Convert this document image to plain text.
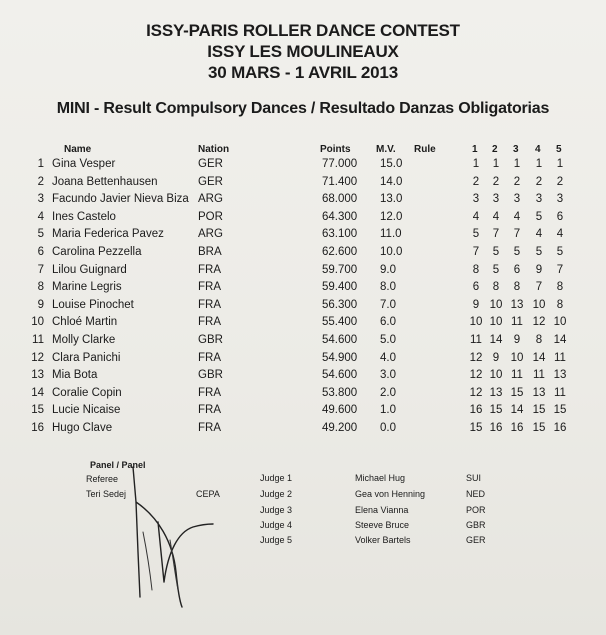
ISSY-PARIS ROLLER DANCE CONTEST
ISSY LES MOULINEAUX
30 MARS - 1 AVRIL 2013
MINI - Result Compulsory Dances / Resultado Danzas Obligatorias
Name	Nation	Points	M.V. Rule	1 2 3 4 5
1 Gina Vesper	GER	77.000 15.0	1	1	1	1	1
2 Joana Bettenhausen	GER	71.400 14.0	2	2	2	2	2
3 Facundo Javier Nieva Biza ARG	68.000 13.0	3	3	3	3	3
4 Ines Castelo	POR	64.300 12.0	4	4	4	5	6
5 Maria Federica Pavez	ARG	63.100 11.0	5	7	7	4	4
6 Carolina Pezzella	BRA	62.600 10.0	7	5	5	5	5
7 Lilou Guignard	FRA	59.700 9.0	8	5	6	9	7
8 Marine Legris	FRA	59.400 8.0	6	8	8	7	8
9 Louise Pinochet	FRA	56.300 7.0	9 10 13 10 8
10 Chloé Martin	FRA	55.400 6.0	10 10 11 12 10
11 Molly Clarke	GBR	54.600 5.0	11 14 9	8 14
12 Clara Panichi	FRA	54.900 4.0	12 9 10 14 11
13 Mia Bota	GBR	54.600 3.0	12 10 11 11 13
14 Coralie Copin	FRA	53.800 2.0	12 13 15 13 11
15 Lucie Nicaise	FRA	49.600 1.0	16 15 14 15 15
16 Hugo Clave	FRA	49.200 0.0	15 16 16 15 16
Panel / Panel
Referee
Teri Sedej	CEPA
Judge 1	Michael Hug	SUI
Judge 2	Gea von Henning	NED
Judge 3	Elena Vianna	POR
Judge 4	Steeve Bruce	GBR
Judge 5	Volker Bartels	GER
